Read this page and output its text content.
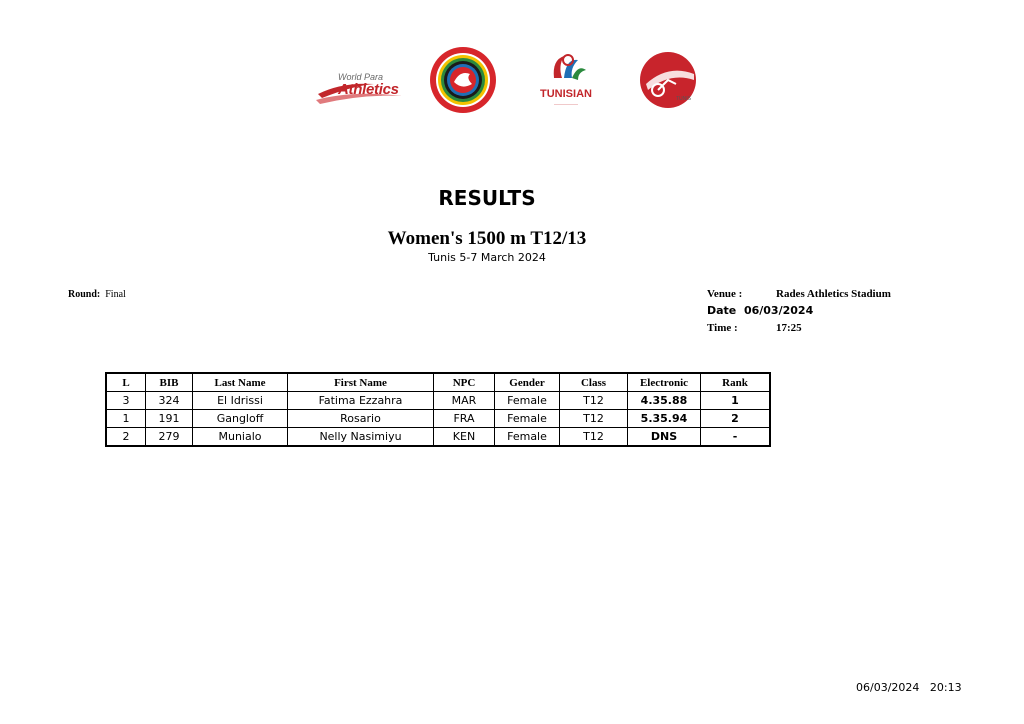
World Para
Athletics	TUNISIAN
――――――
TUNIS
RESULTS
Women's 1500 m T12/13
Tunis 5-7 March 2024
Round: Final	Venue :	Rades Athletics Stadium
Date 06/03/2024
Time :	17:25
L	BIB	Last Name	First Name	NPC	Gender	Class	Electronic	Rank
3	324	El Idrissi	Fatima Ezzahra	MAR	Female	T12	4.35.88	1
1	191	Gangloff	Rosario	FRA	Female	T12	5.35.94	2
2	279	Munialo	Nelly Nasimiyu	KEN	Female	T12	DNS	-
06/03/2024   20:13
